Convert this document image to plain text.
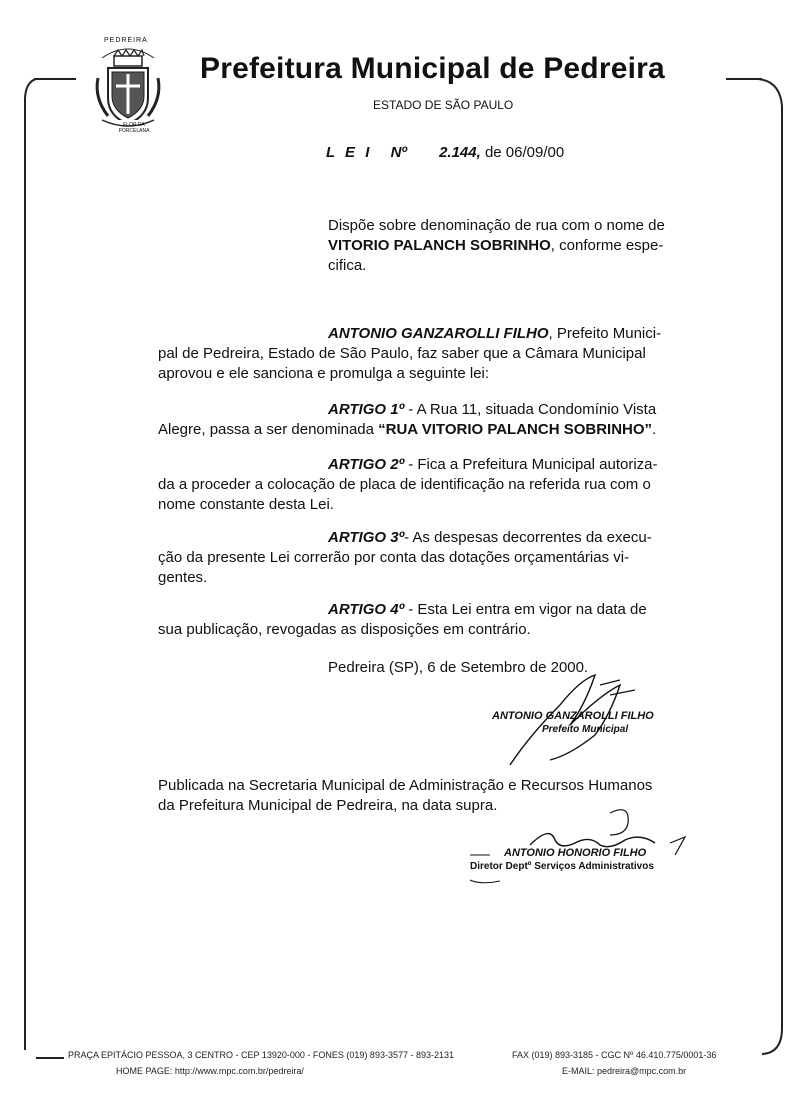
PEDREIRA
FLOR DA PORCELANA
Prefeitura Municipal de Pedreira
ESTADO DE SÃO PAULO
L E I Nº 2.144, de 06/09/00
Dispõe sobre denominação de rua com o nome de
VITORIO PALANCH SOBRINHO, conforme espe-
cifica.
ANTONIO GANZAROLLI FILHO, Prefeito Munici-
pal de Pedreira, Estado de São Paulo, faz saber que a Câmara Municipal
aprovou e ele sanciona e promulga a seguinte lei:
ARTIGO 1º - A Rua 11, situada Condomínio Vista
Alegre, passa a ser denominada “RUA VITORIO PALANCH SOBRINHO”.
ARTIGO 2º - Fica a Prefeitura Municipal autoriza-
da a proceder a colocação de placa de identificação na referida rua com o
nome constante desta Lei.
ARTIGO 3º- As despesas decorrentes da execu-
ção da presente Lei correrão por conta das dotações orçamentárias vi-
gentes.
ARTIGO 4º - Esta Lei entra em vigor na data de
sua publicação, revogadas as disposições em contrário.
Pedreira (SP), 6 de Setembro de 2000.
ANTONIO GANZAROLLI FILHO
Prefeito Municipal
Publicada na Secretaria Municipal de Administração e Recursos Humanos
da Prefeitura Municipal de Pedreira, na data supra.
ANTONIO HONORIO FILHO
Diretor Deptº Serviços Administrativos
PRAÇA EPITÁCIO PESSOA, 3 CENTRO - CEP 13920-000 - FONES (019) 893-3577 - 893-2131	FAX (019) 893-3185 - CGC Nº 46.410.775/0001-36
HOME PAGE: http://www.mpc.com.br/pedreira/	E-MAIL: pedreira@mpc.com.br
